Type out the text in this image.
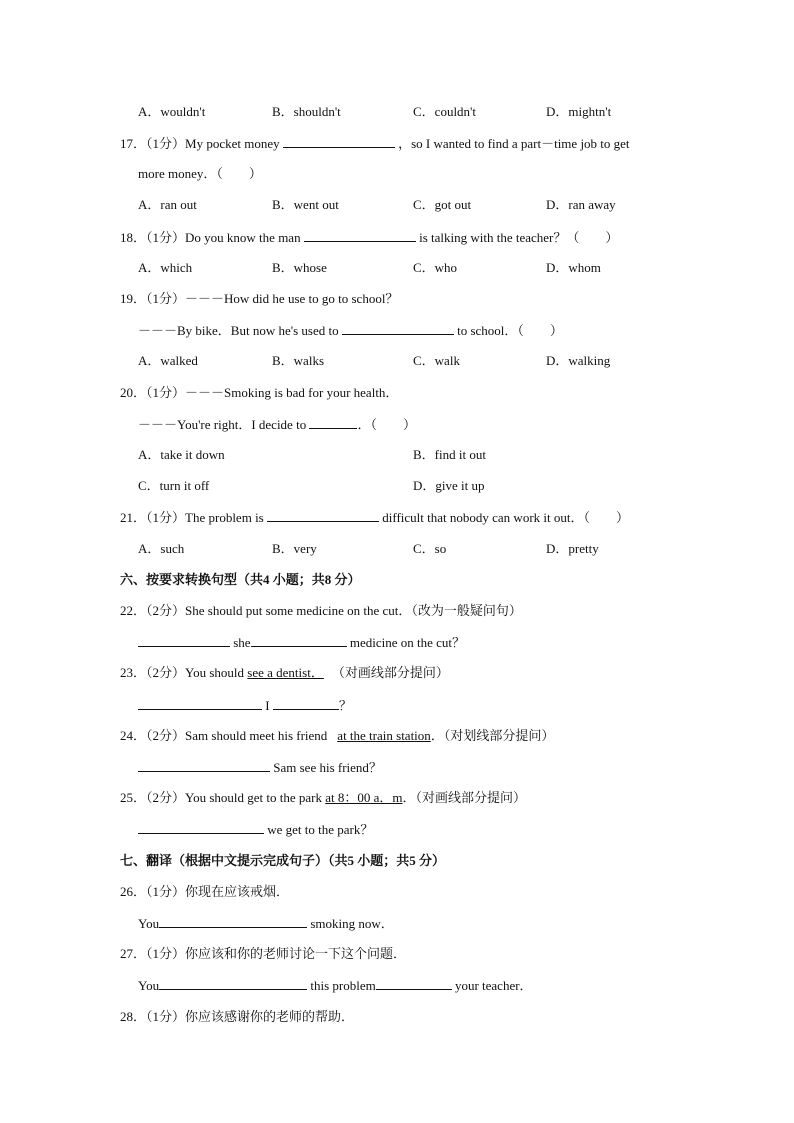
A．wouldn't	B．shouldn't	C．couldn't	D．mightn't
17．（1分）My pocket money	，so I wanted to find a part－time job to get
more money．（　　）
A．ran out	B．went out	C．got out	D．ran away
18．（1分）Do you know the man	is talking with the teacher？（　　）
A．which	B．whose	C．who	D．whom
19．（1分）－－－How did he use to go to school？
－－－By bike．But now he's used to	to school．（　　）
A．walked	B．walks	C．walk	D．walking
20．（1分）－－－Smoking is bad for your health．
－－－You're right．I decide to	．（　　）
A．take it down	B．find it out
C．turn it off	D．give it up
21．（1分）The problem is	difficult that nobody can work it out．（　　）
A．such	B．very	C．so	D．pretty
六、按要求转换句型（共4 小题；共8 分）
22．（2分）She should put some medicine on the cut．（改为一般疑问句）
she	medicine on the cut？
23．（2分）You should see a dentist． （对画线部分提问）
I	？
24．（2分）Sam should meet his friend at the train station．（对划线部分提问）
Sam see his friend？
25．（2分）You should get to the park at 8：00 a．m．（对画线部分提问）
we get to the park？
七、翻译（根据中文提示完成句子）（共5 小题；共5 分）
26．（1分）你现在应该戒烟．
You	smoking now．
27．（1分）你应该和你的老师讨论一下这个问题．
You	this problem	your teacher．
28．（1分）你应该感谢你的老师的帮助．
